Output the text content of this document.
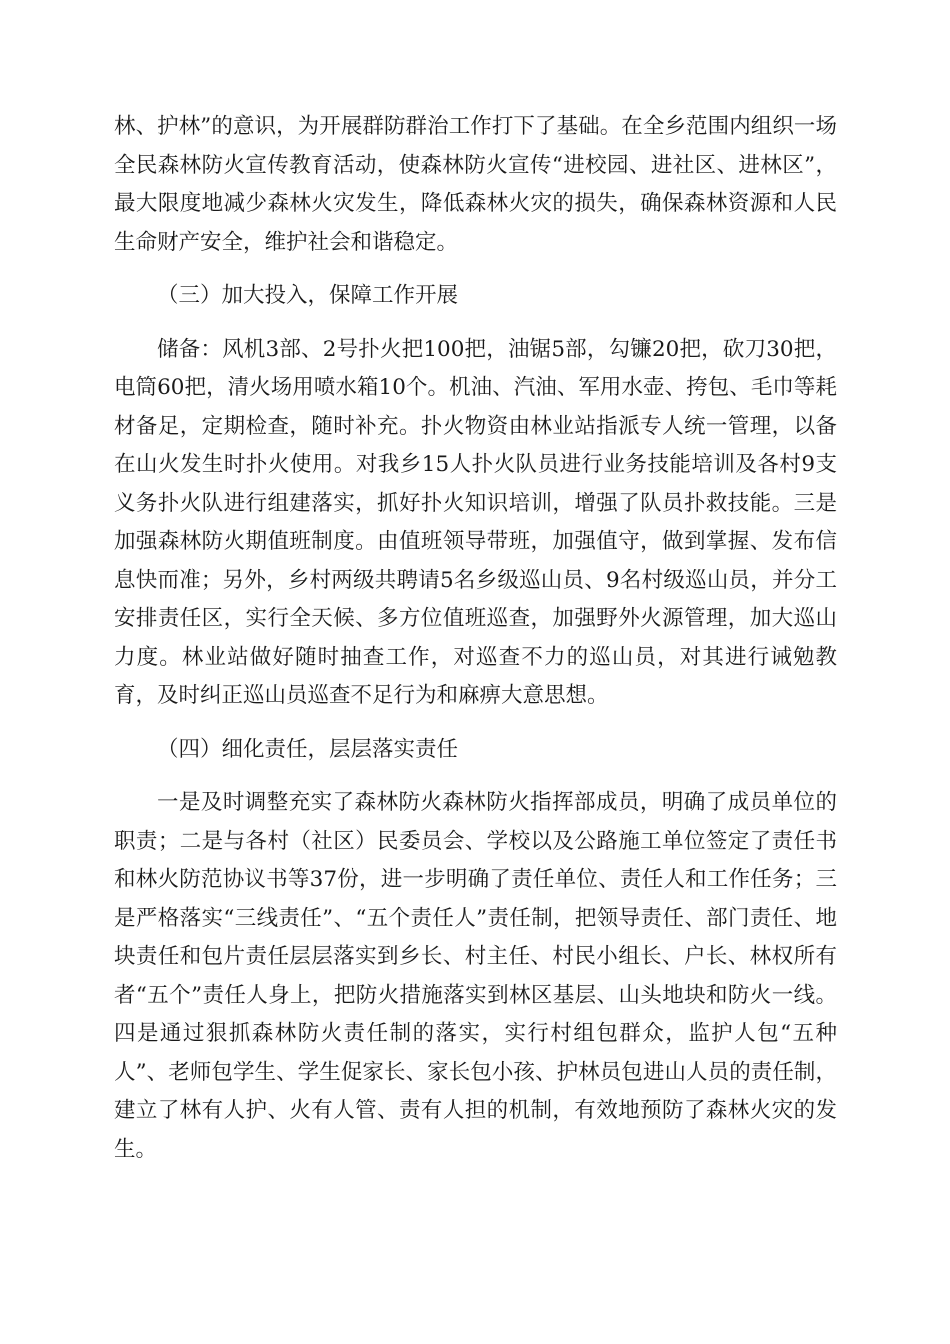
林、护林”的意识，为开展群防群治工作打下了基础。在全乡范围内组织一场全民森林防火宣传教育活动，使森林防火宣传“进校园、进社区、进林区”，最大限度地减少森林火灾发生，降低森林火灾的损失，确保森林资源和人民生命财产安全，维护社会和谐稳定。

（三）加大投入，保障工作开展

储备：风机3部、2号扑火把100把，油锯5部，勾镰20把，砍刀30把，电筒60把，清火场用喷水箱10个。机油、汽油、军用水壶、挎包、毛巾等耗材备足，定期检查，随时补充。扑火物资由林业站指派专人统一管理，以备在山火发生时扑火使用。对我乡15人扑火队员进行业务技能培训及各村9支义务扑火队进行组建落实，抓好扑火知识培训，增强了队员扑救技能。三是加强森林防火期值班制度。由值班领导带班，加强值守，做到掌握、发布信息快而准；另外，乡村两级共聘请5名乡级巡山员、9名村级巡山员，并分工安排责任区，实行全天候、多方位值班巡查，加强野外火源管理，加大巡山力度。林业站做好随时抽查工作，对巡查不力的巡山员，对其进行诫勉教育，及时纠正巡山员巡查不足行为和麻痹大意思想。

（四）细化责任，层层落实责任

一是及时调整充实了森林防火森林防火指挥部成员，明确了成员单位的职责；二是与各村（社区）民委员会、学校以及公路施工单位签定了责任书和林火防范协议书等37份，进一步明确了责任单位、责任人和工作任务；三是严格落实“三线责任”、“五个责任人”责任制，把领导责任、部门责任、地块责任和包片责任层层落实到乡长、村主任、村民小组长、户长、林权所有者“五个”责任人身上，把防火措施落实到林区基层、山头地块和防火一线。四是通过狠抓森林防火责任制的落实，实行村组包群众，监护人包“五种人”、老师包学生、学生促家长、家长包小孩、护林员包进山人员的责任制，建立了林有人护、火有人管、责有人担的机制，有效地预防了森林火灾的发生。
